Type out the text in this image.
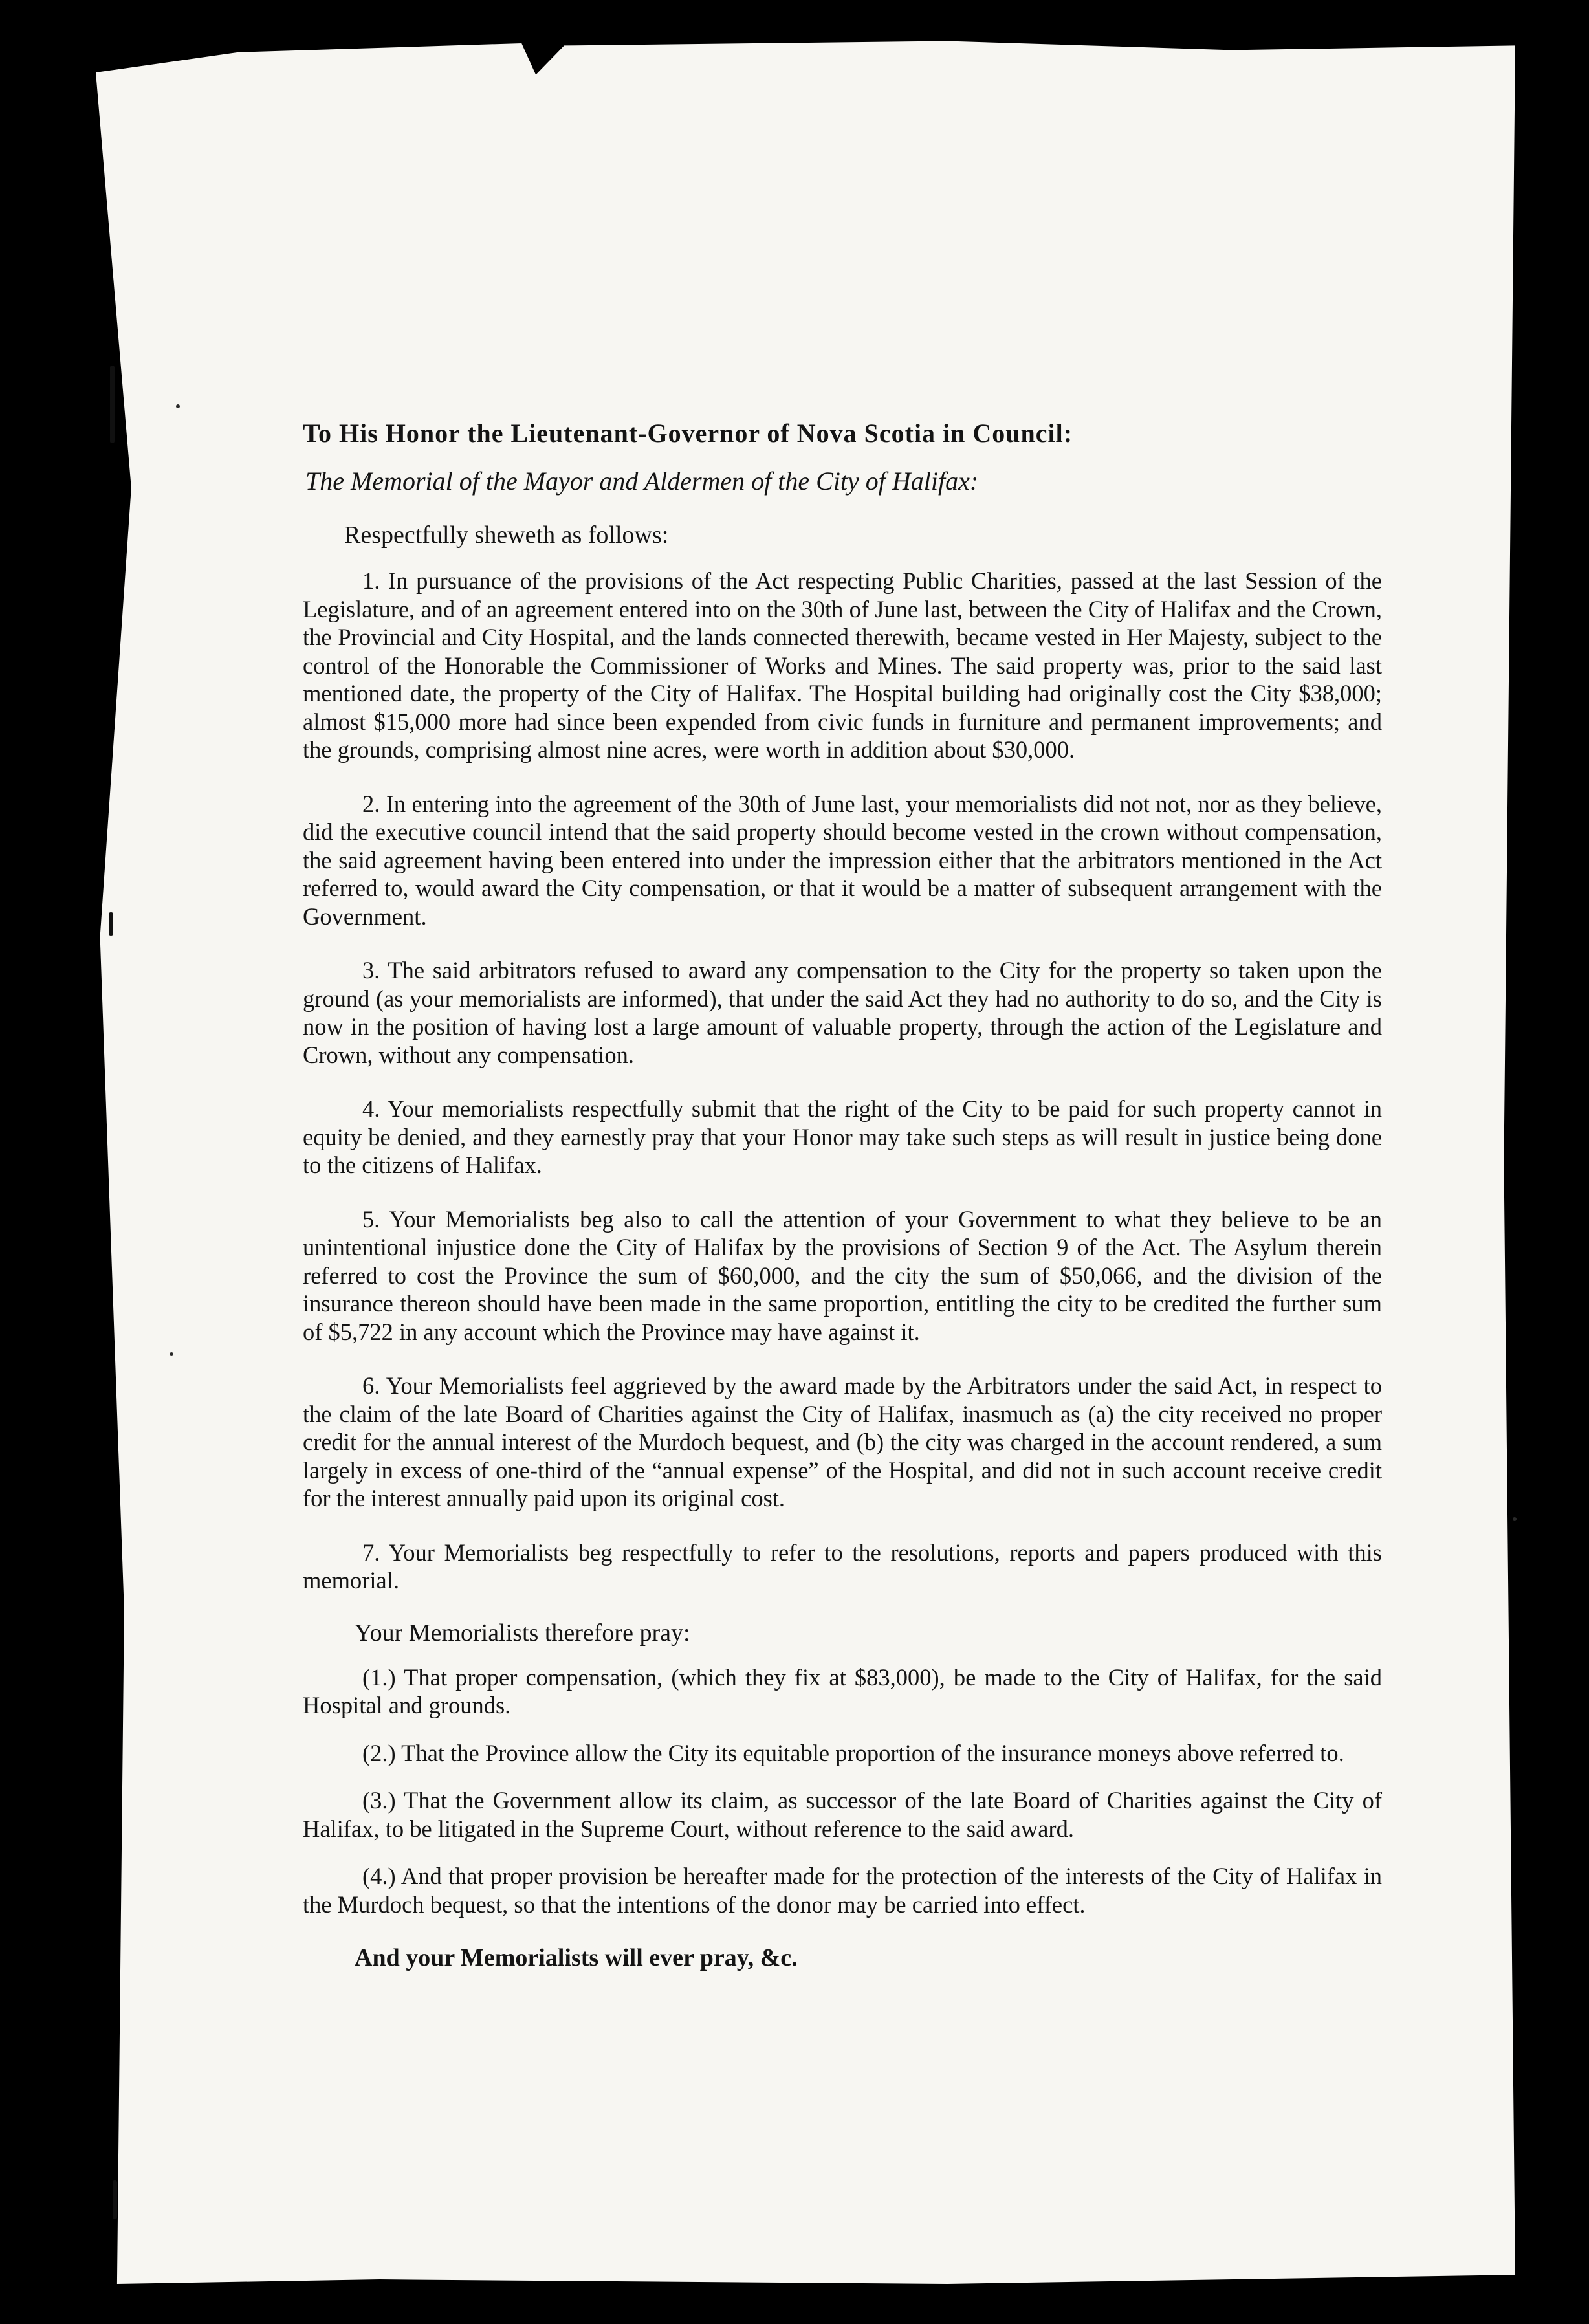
To His Honor the Lieutenant-Governor of Nova Scotia in Council:
The Memorial of the Mayor and Aldermen of the City of Halifax:
Respectfully sheweth as follows:

1. In pursuance of the provisions of the Act respecting Public Charities, passed at the last Session of the Legislature, and of an agreement entered into on the 30th of June last, between the City of Halifax and the Crown, the Provincial and City Hospital, and the lands connected therewith, became vested in Her Majesty, subject to the control of the Honorable the Commissioner of Works and Mines. The said property was, prior to the said last mentioned date, the property of the City of Halifax. The Hospital building had originally cost the City $38,000; almost $15,000 more had since been expended from civic funds in furniture and permanent improvements; and the grounds, comprising almost nine acres, were worth in addition about $30,000.

2. In entering into the agreement of the 30th of June last, your memorialists did not not, nor as they believe, did the executive council intend that the said property should become vested in the crown without compensation, the said agreement having been entered into under the impression either that the arbitrators mentioned in the Act referred to, would award the City compensation, or that it would be a matter of subsequent arrangement with the Government.

3. The said arbitrators refused to award any compensation to the City for the property so taken upon the ground (as your memorialists are informed), that under the said Act they had no authority to do so, and the City is now in the position of having lost a large amount of valuable property, through the action of the Legislature and Crown, without any compensation.

4. Your memorialists respectfully submit that the right of the City to be paid for such property cannot in equity be denied, and they earnestly pray that your Honor may take such steps as will result in justice being done to the citizens of Halifax.

5. Your Memorialists beg also to call the attention of your Government to what they believe to be an unintentional injustice done the City of Halifax by the provisions of Section 9 of the Act. The Asylum therein referred to cost the Province the sum of $60,000, and the city the sum of $50,066, and the division of the insurance thereon should have been made in the same proportion, entitling the city to be credited the further sum of $5,722 in any account which the Province may have against it.

6. Your Memorialists feel aggrieved by the award made by the Arbitrators under the said Act, in respect to the claim of the late Board of Charities against the City of Halifax, inasmuch as (a) the city received no proper credit for the annual interest of the Murdoch bequest, and (b) the city was charged in the account rendered, a sum largely in excess of one-third of the “annual expense” of the Hospital, and did not in such account receive credit for the interest annually paid upon its original cost.

7. Your Memorialists beg respectfully to refer to the resolutions, reports and papers produced with this memorial.

Your Memorialists therefore pray:

(1.) That proper compensation, (which they fix at $83,000), be made to the City of Halifax, for the said Hospital and grounds.

(2.) That the Province allow the City its equitable proportion of the insurance moneys above referred to.

(3.) That the Government allow its claim, as successor of the late Board of Charities against the City of Halifax, to be litigated in the Supreme Court, without reference to the said award.

(4.) And that proper provision be hereafter made for the protection of the interests of the City of Halifax in the Murdoch bequest, so that the intentions of the donor may be carried into effect.

And your Memorialists will ever pray, &c.
